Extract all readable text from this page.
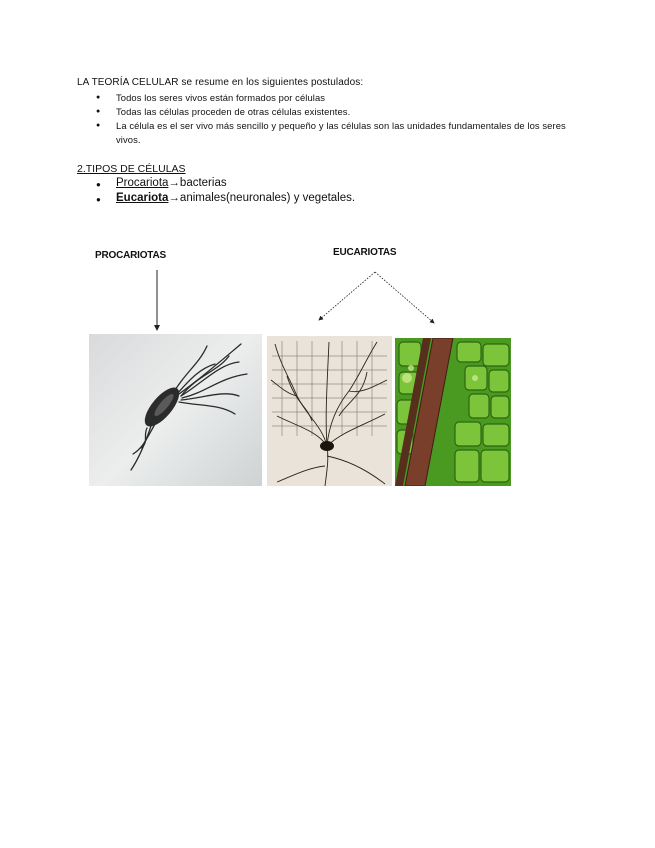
LA TEORÍA CELULAR se resume en los siguientes postulados:
● Todos los seres vivos están formados por células
● Todas las células proceden de otras células existentes.
● La célula es el ser vivo más sencillo y pequeño y las células son las unidades fundamentales de los seres vivos.
2.TIPOS DE CÉLULAS
● Procariota→bacterias
● Eucariota→animales(neuronales) y vegetales.
PROCARIOTAS	EUCARIOTAS
